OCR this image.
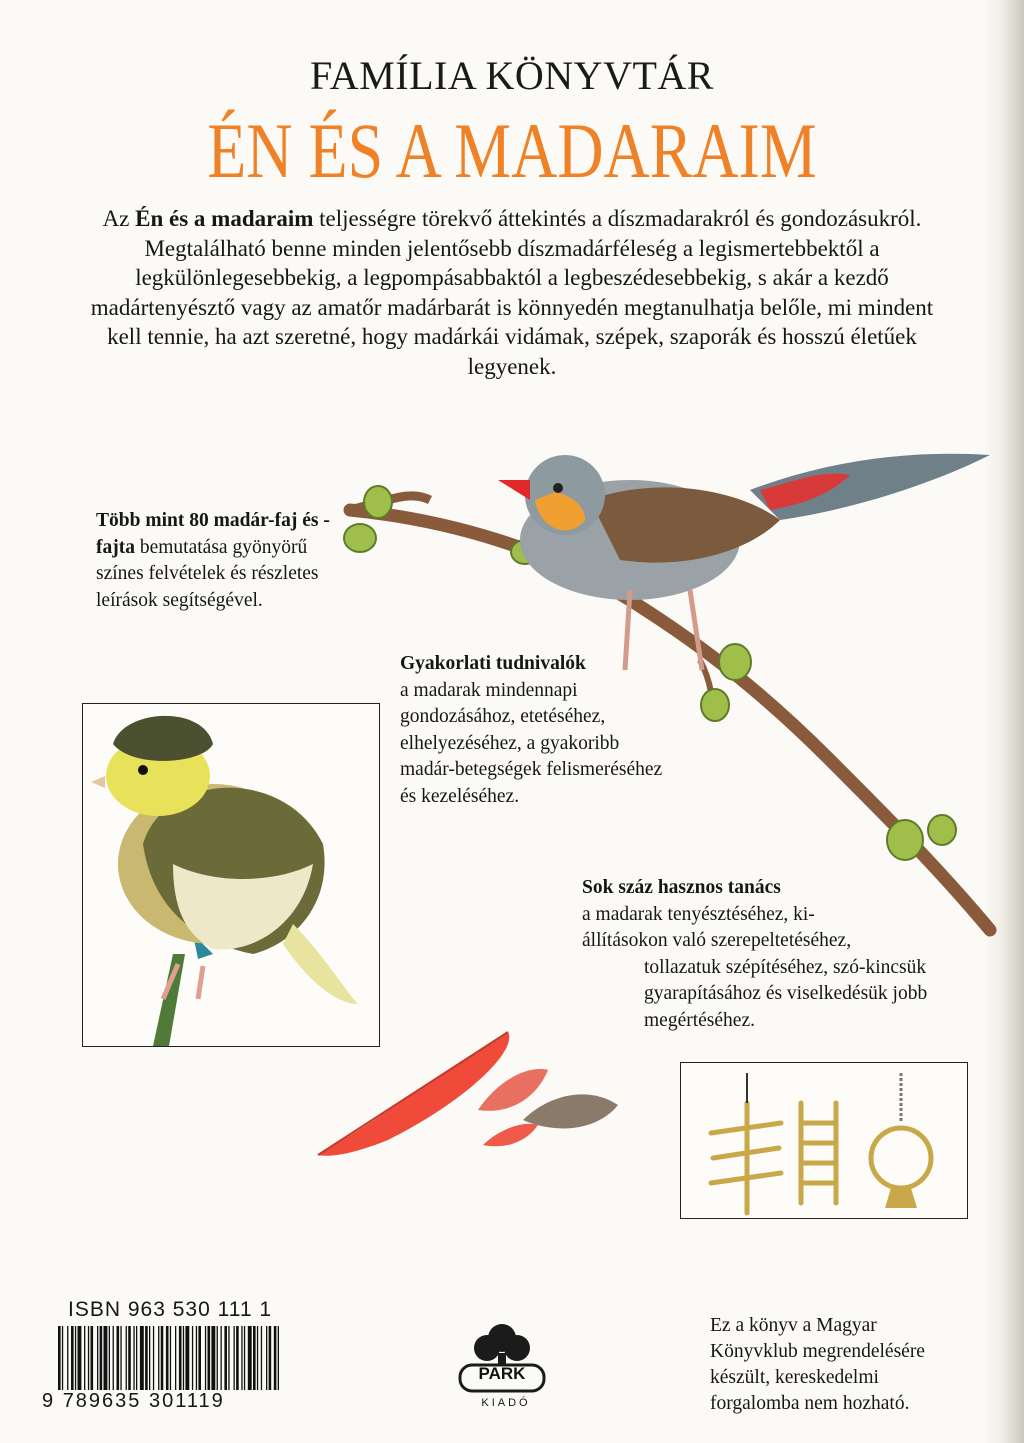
FAMÍLIA KÖNYVTÁR
ÉN ÉS A MADARAIM
Az Én és a madaraim teljességre törekvő áttekintés a díszmadarakról és gondozásukról. Megtalálható benne minden jelentősebb díszmadárféleség a legismertebbektől a legkülönlegesebbekig, a legpompásabbaktól a legbeszédesebbekig, s akár a kezdő madártenyésztő vagy az amatőr madárbarát is könnyedén megtanulhatja belőle, mi mindent kell tennie, ha azt szeretné, hogy madárkái vidámak, szépek, szaporák és hosszú életűek legyenek.
Több mint 80 madár-faj és -fajta bemutatása gyönyörű színes felvételek és részletes leírások segítségével.
Gyakorlati tudnivalók
a madarak mindennapi gondozásához, etetéséhez, elhelyezéséhez, a gyakoribb madár-betegségek felismeréséhez és kezeléséhez.
Sok száz hasznos tanács
a madarak tenyésztéséhez, ki-
állításokon való szerepeltetéséhez,
tollazatuk szépítéséhez, szó-kincsük gyarapításához és viselkedésük jobb megértéséhez.
ISBN 963 530 111 1
9 789635 301119
PARK
KIADÓ
Ez a könyv a Magyar Könyvklub megrendelésére készült, kereskedelmi forgalomba nem hozható.
